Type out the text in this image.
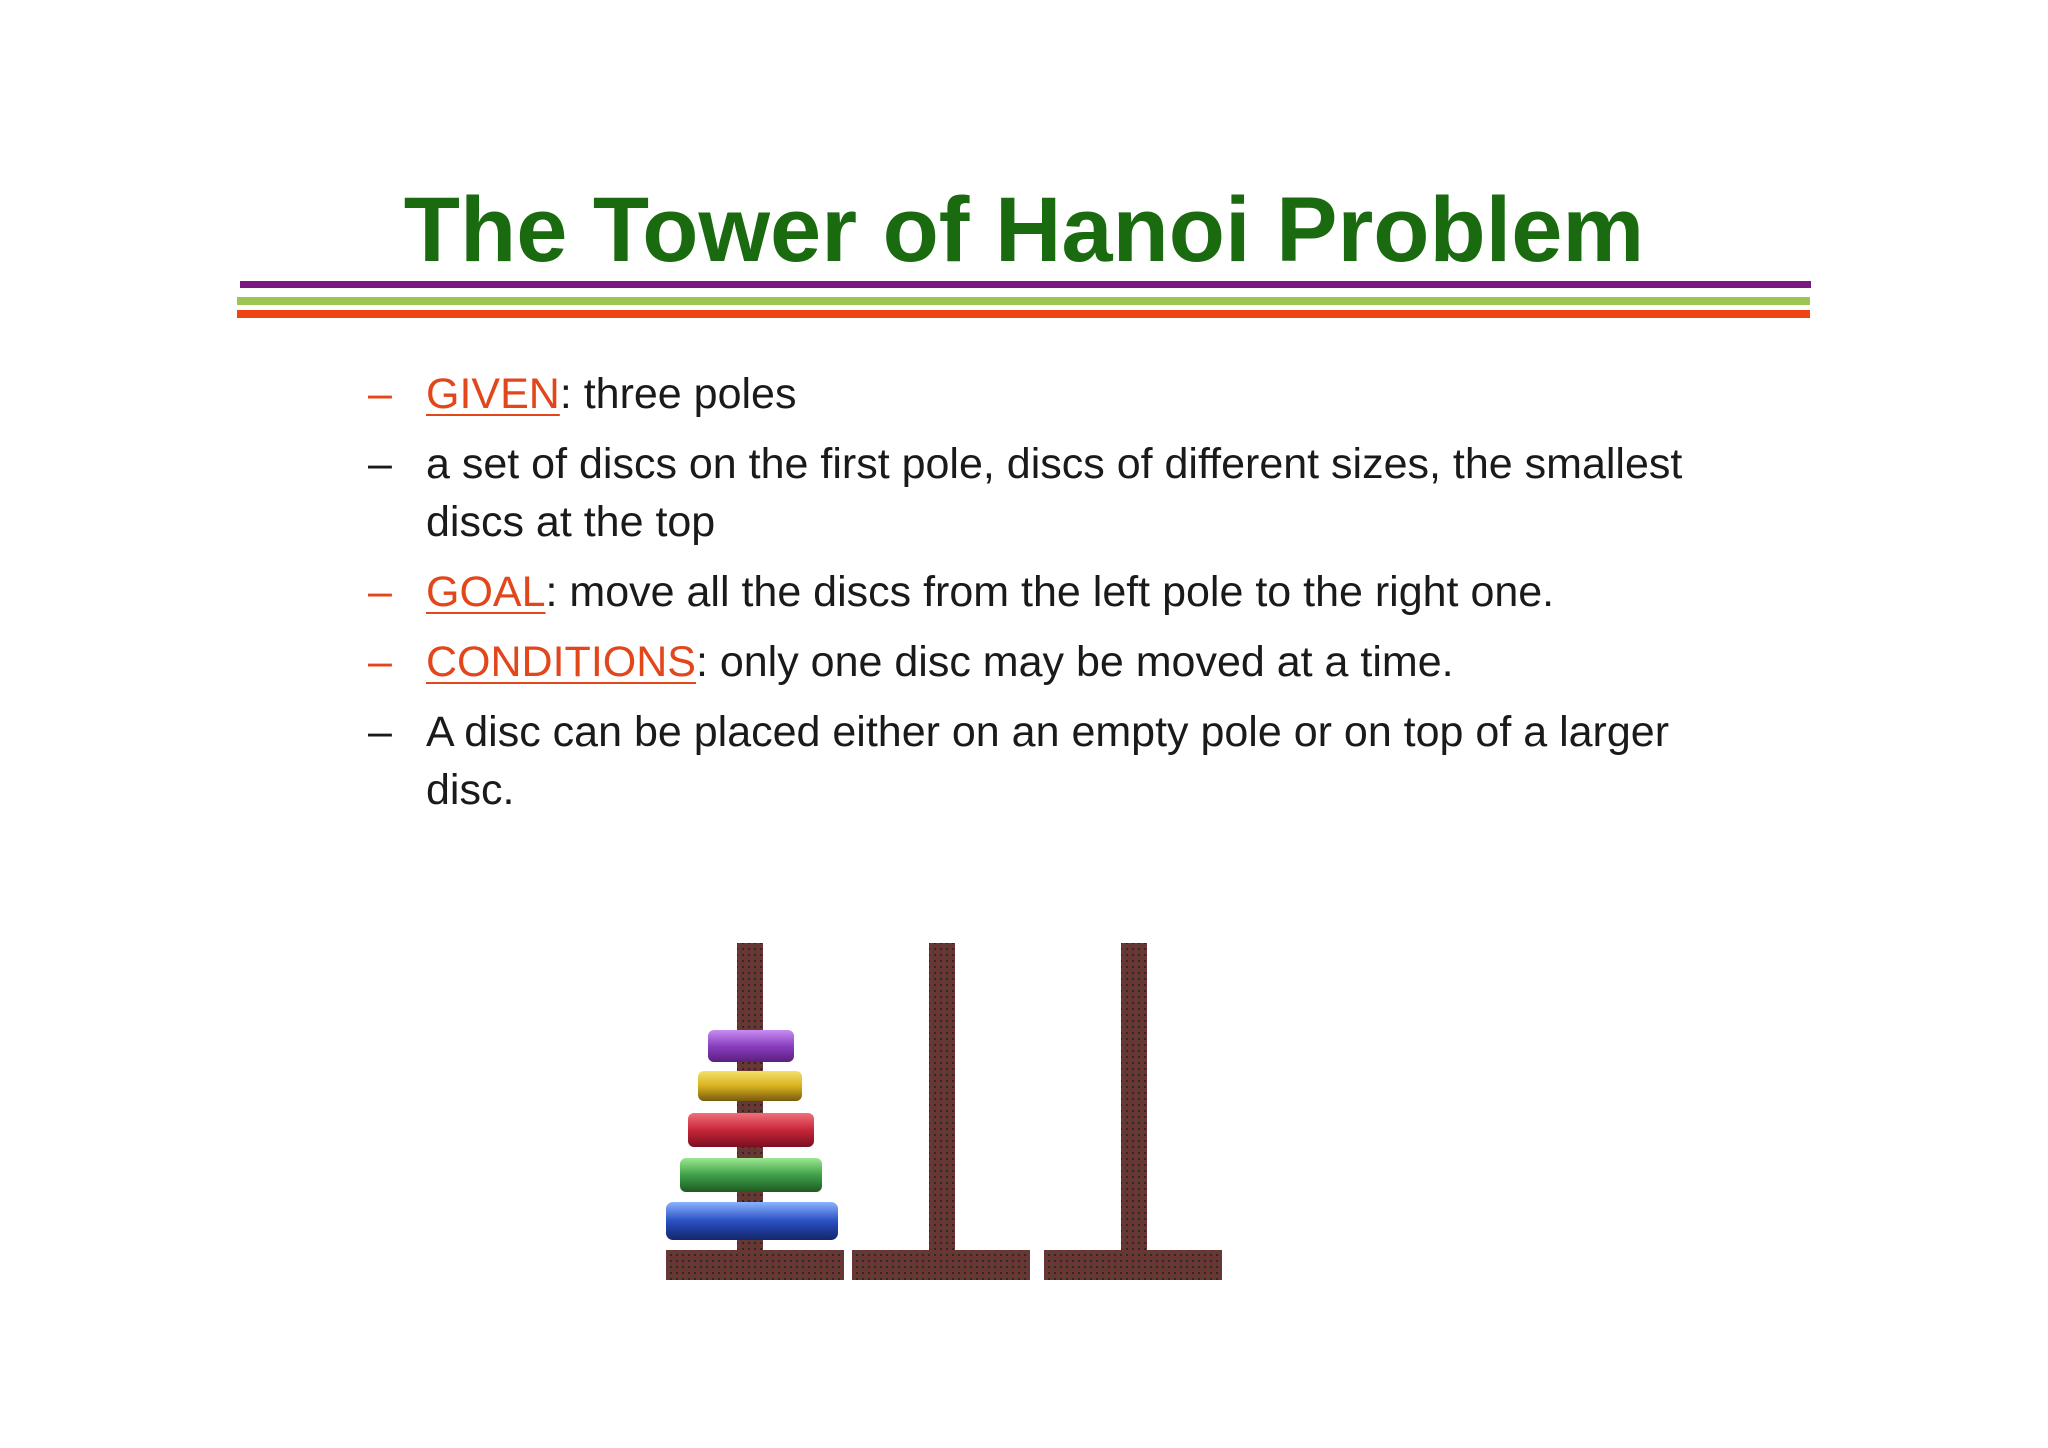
The Tower of Hanoi Problem
– GIVEN: three poles
– a set of discs on the first pole, discs of different sizes, the smallest discs at the top
– GOAL: move all the discs from the left pole to the right one.
– CONDITIONS: only one disc may be moved at a time.
– A disc can be placed either on an empty pole or on top of a larger disc.
